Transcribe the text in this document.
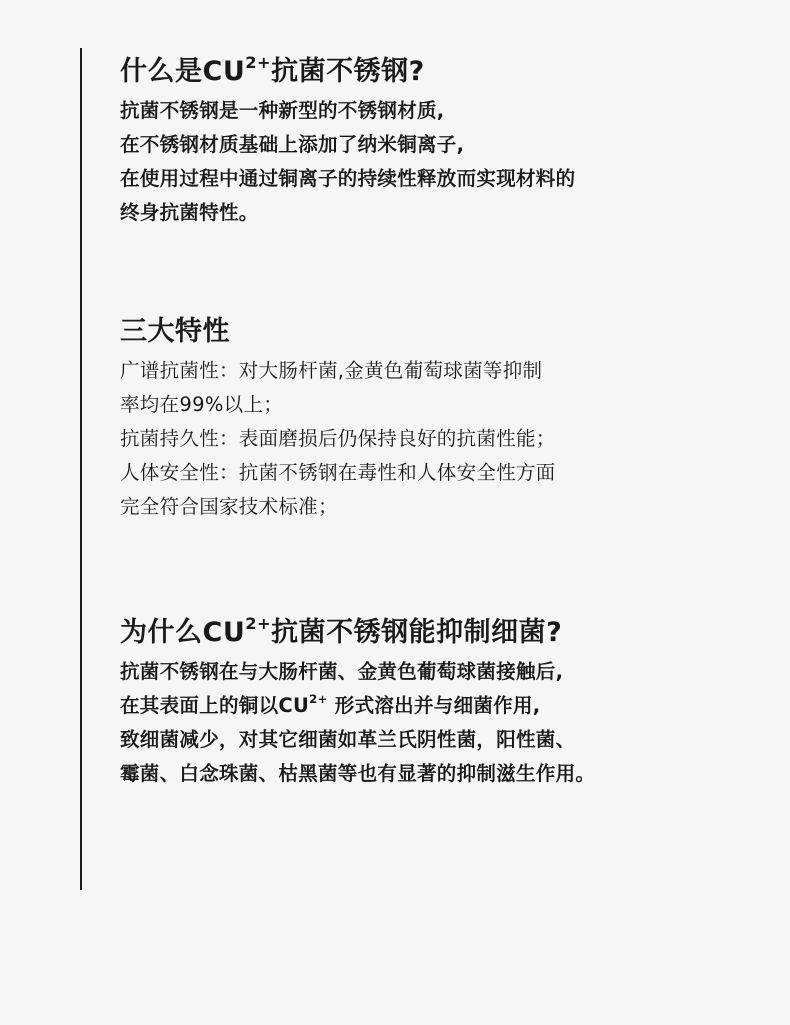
什么是$CU^{2+}$抗菌不锈钢?
抗菌不锈钢是一种新型的不锈钢材质,
在不锈钢材质基础上添加了纳米铜离子,
在使用过程中通过铜离子的持续性释放而实现材料的
终身抗菌特性。
三大特性
广谱抗菌性：对大肠杆菌,金黄色葡萄球菌等抑制
率均在99%以上；
抗菌持久性：表面磨损后仍保持良好的抗菌性能；
人体安全性：抗菌不锈钢在毒性和人体安全性方面
完全符合国家技术标准；
为什么$CU^{2+}$抗菌不锈钢能抑制细菌?
抗菌不锈钢在与大肠杆菌、金黄色葡萄球菌接触后,
在其表面上的铜以$CU^{2+}$ 形式溶出并与细菌作用,
致细菌减少，对其它细菌如革兰氏阴性菌，阳性菌、
霉菌、白念珠菌、枯黑菌等也有显著的抑制滋生作用。
